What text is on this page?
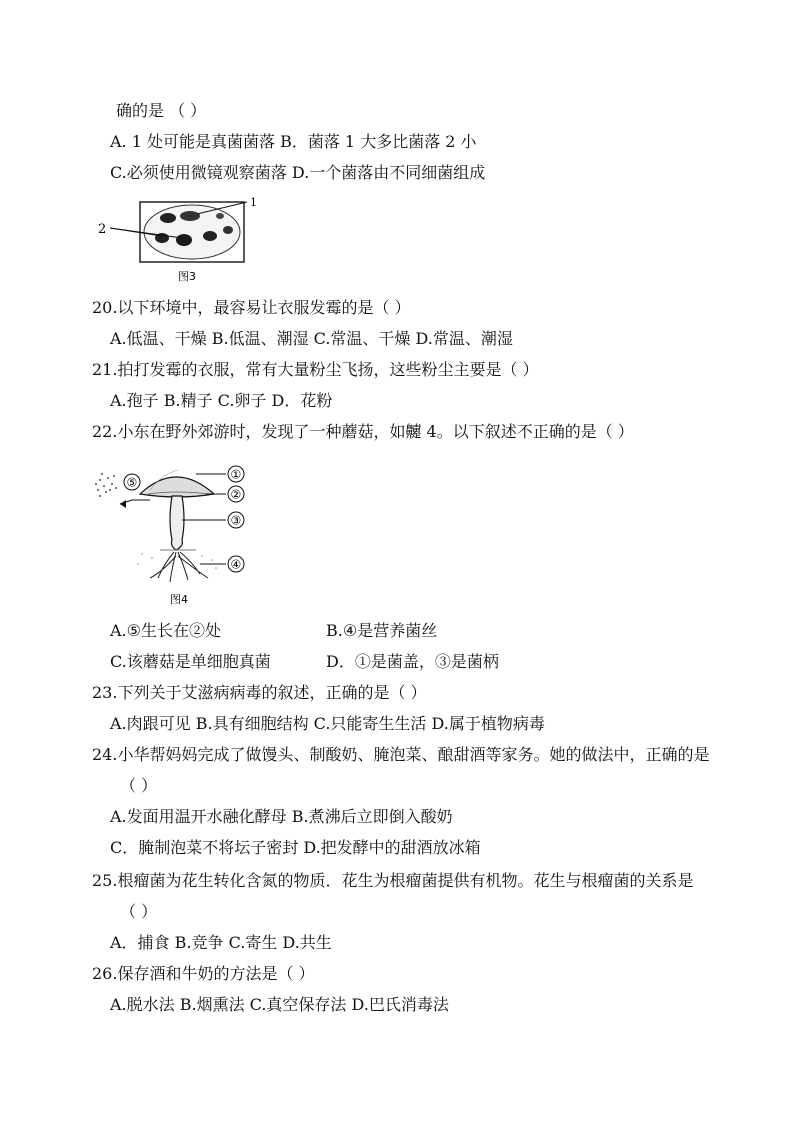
确的是 （ ）
A. 1 处可能是真菌菌落 B．菌落 1 大多比菌落 2 小
C.必须使用微镜观察菌落 D.一个菌落由不同细菌组成
1
2
图3
20.以下环境中，最容易让衣服发霉的是（ ）
A.低温、干燥 B.低温、潮湿 C.常温、干燥 D.常温、潮湿
21.拍打发霉的衣服，常有大量粉尘飞扬，这些粉尘主要是（ ）
A.孢子 B.精子 C.卵子 D．花粉
22.小东在野外郊游时，发现了一种蘑菇，如䶑 4。以下叙述不正确的是（ ）
⑤
①
②
③
④
图4
A.⑤生长在②处	B.④是营养菌丝
C.该蘑菇是单细胞真菌	D．①是菌盖，③是菌柄
23.下列关于艾滋病病毒的叙述，正确的是（ ）
A.肉跟可见 B.具有细胞结构 C.只能寄生生活 D.属于植物病毒
24.小华帮妈妈完成了做馒头、制酸奶、腌泡菜、酿甜酒等家务。她的做法中，正确的是
（ ）
A.发面用温开水融化酵母 B.煮沸后立即倒入酸奶
C．腌制泡菜不将坛子密封 D.把发酵中的甜酒放冰箱
25.根瘤菌为花生转化含氮的物质．花生为根瘤菌提供有机物。花生与根瘤菌的关系是
（ ）
A．捕食 B.竞争 C.寄生 D.共生
26.保存酒和牛奶的方法是（ ）
A.脱水法 B.烟熏法 C.真空保存法 D.巴氏消毒法
